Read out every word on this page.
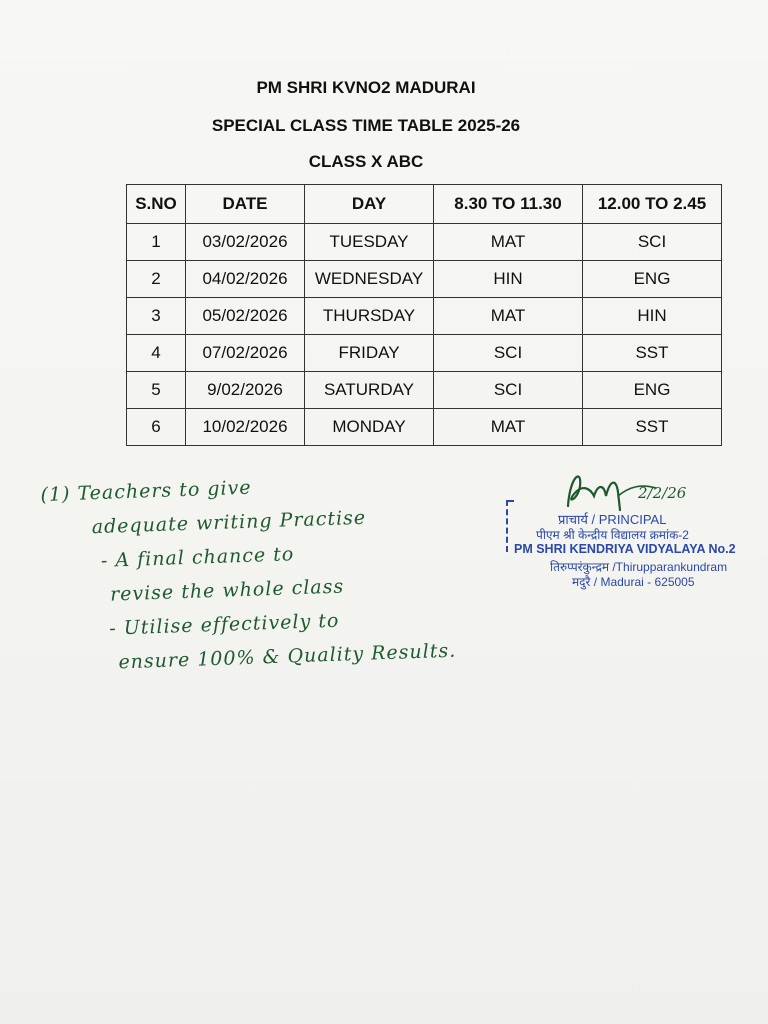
PM SHRI KVNO2 MADURAI
SPECIAL CLASS TIME TABLE 2025-26
CLASS X ABC
S.NO	DATE	DAY	8.30 TO 11.30	12.00 TO 2.45
1	03/02/2026	TUESDAY	MAT	SCI
2	04/02/2026	WEDNESDAY	HIN	ENG
3	05/02/2026	THURSDAY	MAT	HIN
4	07/02/2026	FRIDAY	SCI	SST
5	9/02/2026	SATURDAY	SCI	ENG
6	10/02/2026	MONDAY	MAT	SST
(1) Teachers to give
adequate writing Practise
- A final chance to
revise the whole class
- Utilise effectively to
ensure 100% & Quality Results.
2/2/26
प्राचार्य / PRINCIPAL
पीएम श्री केन्द्रीय विद्यालय क्रमांक-2
PM SHRI KENDRIYA VIDYALAYA No.2
तिरुप्परंकुन्द्रम /Thirupparankundram
मदुरै / Madurai - 625005
